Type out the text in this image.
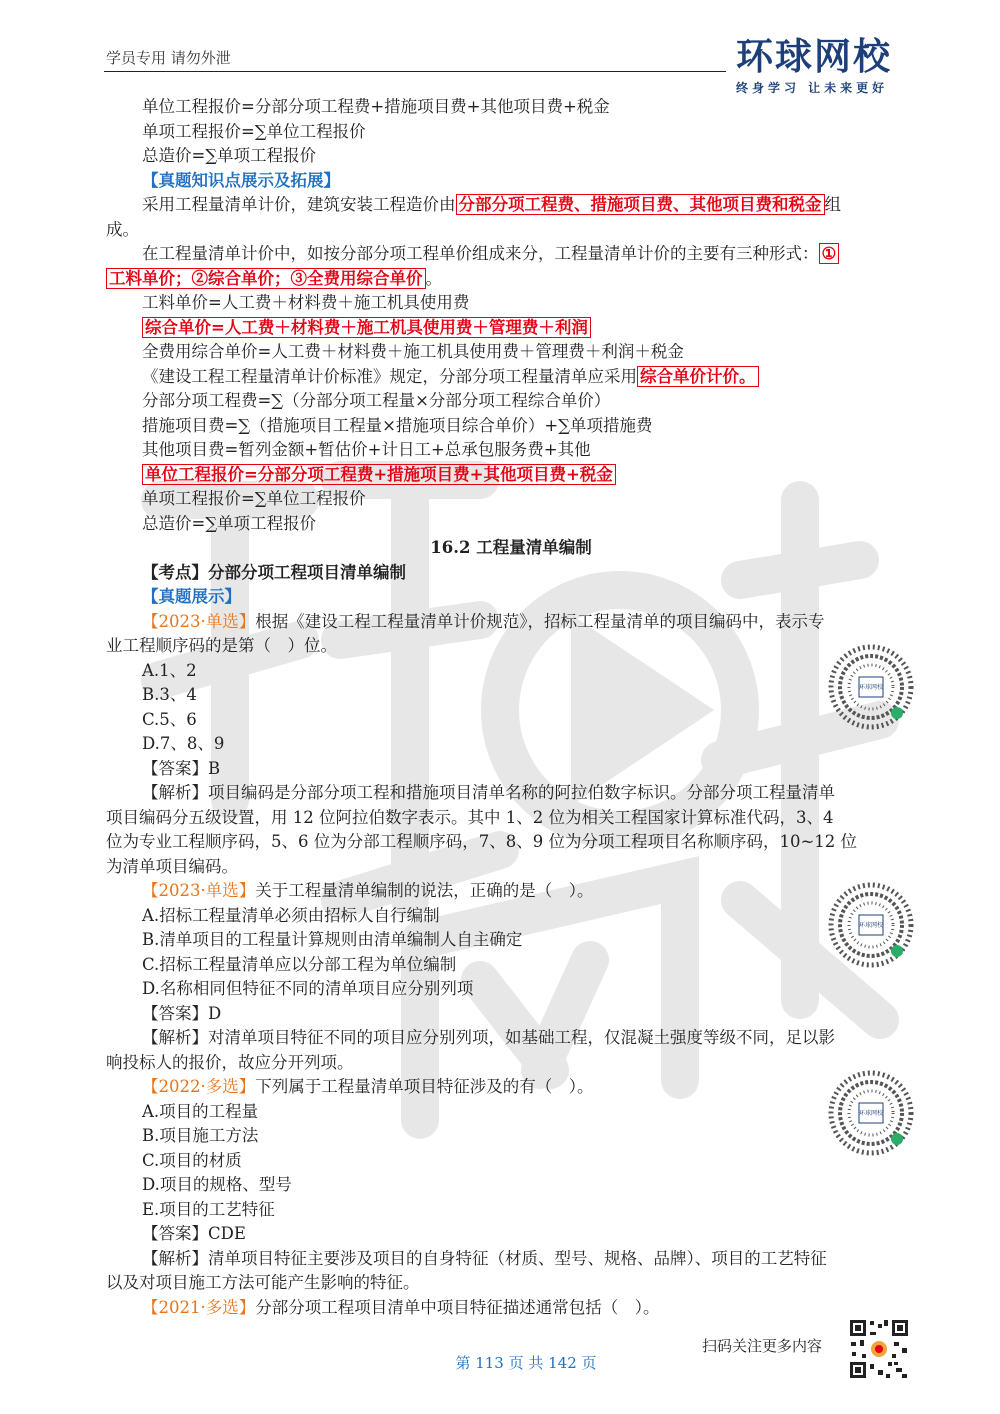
学员专用 请勿外泄	环球网校
终身学习 让未来更好
单位工程报价=分部分项工程费+措施项目费+其他项目费+税金
单项工程报价=∑单位工程报价
总造价=∑单项工程报价
【真题知识点展示及拓展】
采用工程量清单计价，建筑安装工程造价由 分部分项工程费、措施项目费、其他项目费和税金 组
成。
在工程量清单计价中，如按分部分项工程单价组成来分，工程量清单计价的主要有三种形式： ①
工料单价；②综合单价；③全费用综合单价 。
工料单价=人工费＋材料费＋施工机具使用费
综合单价=人工费＋材料费＋施工机具使用费＋管理费＋利润
全费用综合单价=人工费＋材料费＋施工机具使用费＋管理费＋利润＋税金
《建设工程工程量清单计价标准》规定，分部分项工程量清单应采用 综合单价计价。
分部分项工程费=∑（分部分项工程量×分部分项工程综合单价）
措施项目费=∑（措施项目工程量×措施项目综合单价）+∑单项措施费
其他项目费=暂列金额+暂估价+计日工+总承包服务费+其他
单位工程报价=分部分项工程费+措施项目费+其他项目费+税金
单项工程报价=∑单位工程报价
总造价=∑单项工程报价
16.2 工程量清单编制
【考点】分部分项工程项目清单编制
【真题展示】
【2023·单选】根据《建设工程工程量清单计价规范》，招标工程量清单的项目编码中，表示专
业工程顺序码的是第（　）位。
A.1、2
B.3、4
C.5、6
D.7、8、9
【答案】B
【解析】项目编码是分部分项工程和措施项目清单名称的阿拉伯数字标识。分部分项工程量清单
项目编码分五级设置，用 12 位阿拉伯数字表示。其中 1、2 位为相关工程国家计算标准代码，3、4
位为专业工程顺序码，5、6 位为分部工程顺序码，7、8、9 位为分项工程项目名称顺序码，10~12 位
为清单项目编码。
【2023·单选】关于工程量清单编制的说法，正确的是（　）。
A.招标工程量清单必须由招标人自行编制
B.清单项目的工程量计算规则由清单编制人自主确定
C.招标工程量清单应以分部工程为单位编制
D.名称相同但特征不同的清单项目应分别列项
【答案】D
【解析】对清单项目特征不同的项目应分别列项，如基础工程，仅混凝土强度等级不同，足以影
响投标人的报价，故应分开列项。
【2022·多选】下列属于工程量清单项目特征涉及的有（　）。
A.项目的工程量
B.项目施工方法
C.项目的材质
D.项目的规格、型号
E.项目的工艺特征
【答案】CDE
【解析】清单项目特征主要涉及项目的自身特征（材质、型号、规格、品牌）、项目的工艺特征
以及对项目施工方法可能产生影响的特征。
【2021·多选】分部分项工程项目清单中项目特征描述通常包括（　）。
环球网校
环球网校
环球网校
扫码关注更多内容
第 113 页 共 142 页
